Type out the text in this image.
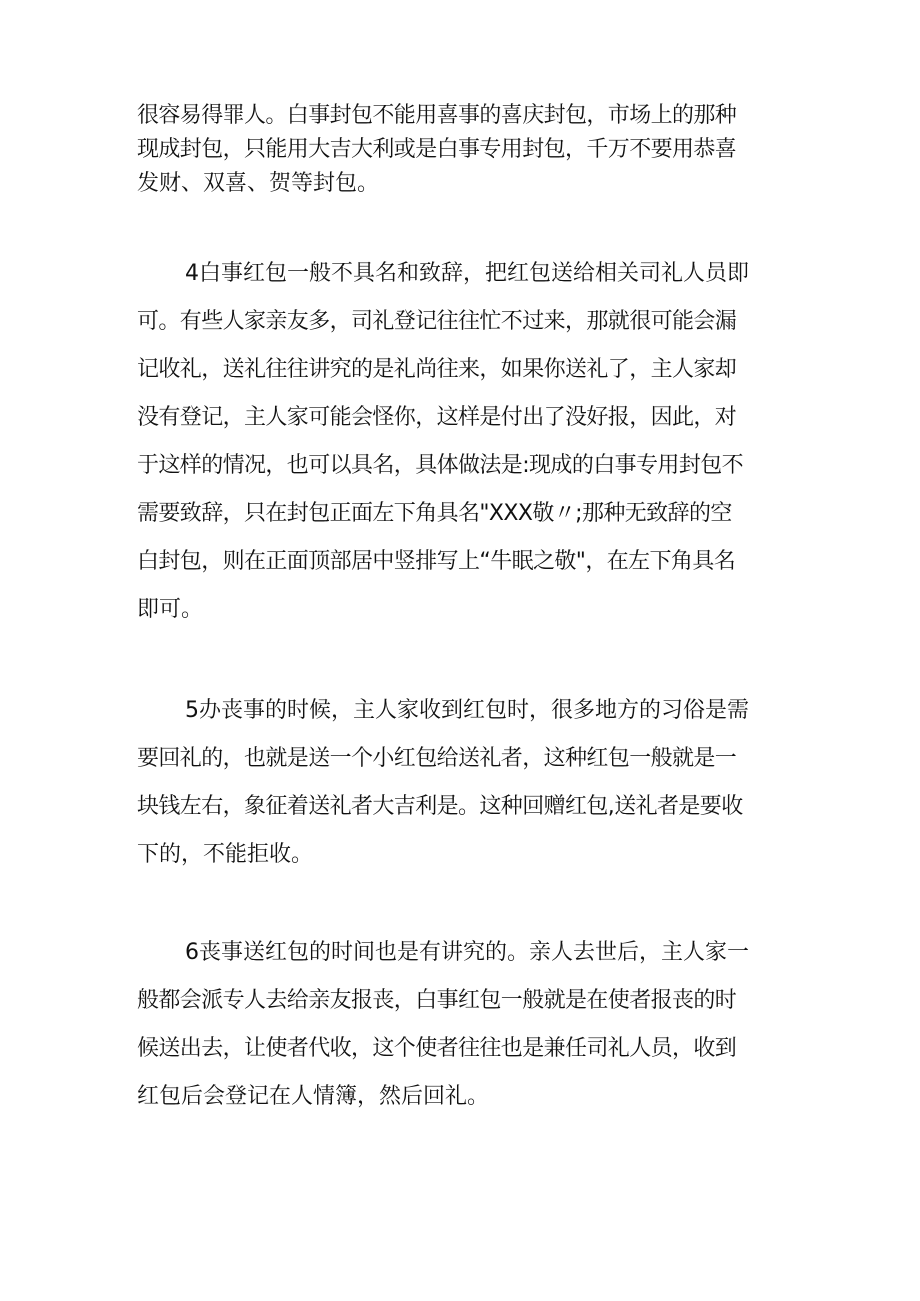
很容易得罪人。白事封包不能用喜事的喜庆封包，市场上的那种
现成封包，只能用大吉大利或是白事专用封包，千万不要用恭喜
发财、双喜、贺等封包。
4白事红包一般不具名和致辞，把红包送给相关司礼人员即
可。有些人家亲友多，司礼登记往往忙不过来，那就很可能会漏
记收礼，送礼往往讲究的是礼尚往来，如果你送礼了，主人家却
没有登记，主人家可能会怪你，这样是付出了没好报，因此，对
于这样的情况，也可以具名，具体做法是:现成的白事专用封包不
需要致辞，只在封包正面左下角具名"XXX敬〃;那种无致辞的空
白封包，则在正面顶部居中竖排写上“牛眠之敬"，在左下角具名
即可。
5办丧事的时候，主人家收到红包时，很多地方的习俗是需
要回礼的，也就是送一个小红包给送礼者，这种红包一般就是一
块钱左右，象征着送礼者大吉利是。这种回赠红包,送礼者是要收
下的，不能拒收。
6丧事送红包的时间也是有讲究的。亲人去世后，主人家一
般都会派专人去给亲友报丧，白事红包一般就是在使者报丧的时
候送出去，让使者代收，这个使者往往也是兼任司礼人员，收到
红包后会登记在人情簿，然后回礼。
